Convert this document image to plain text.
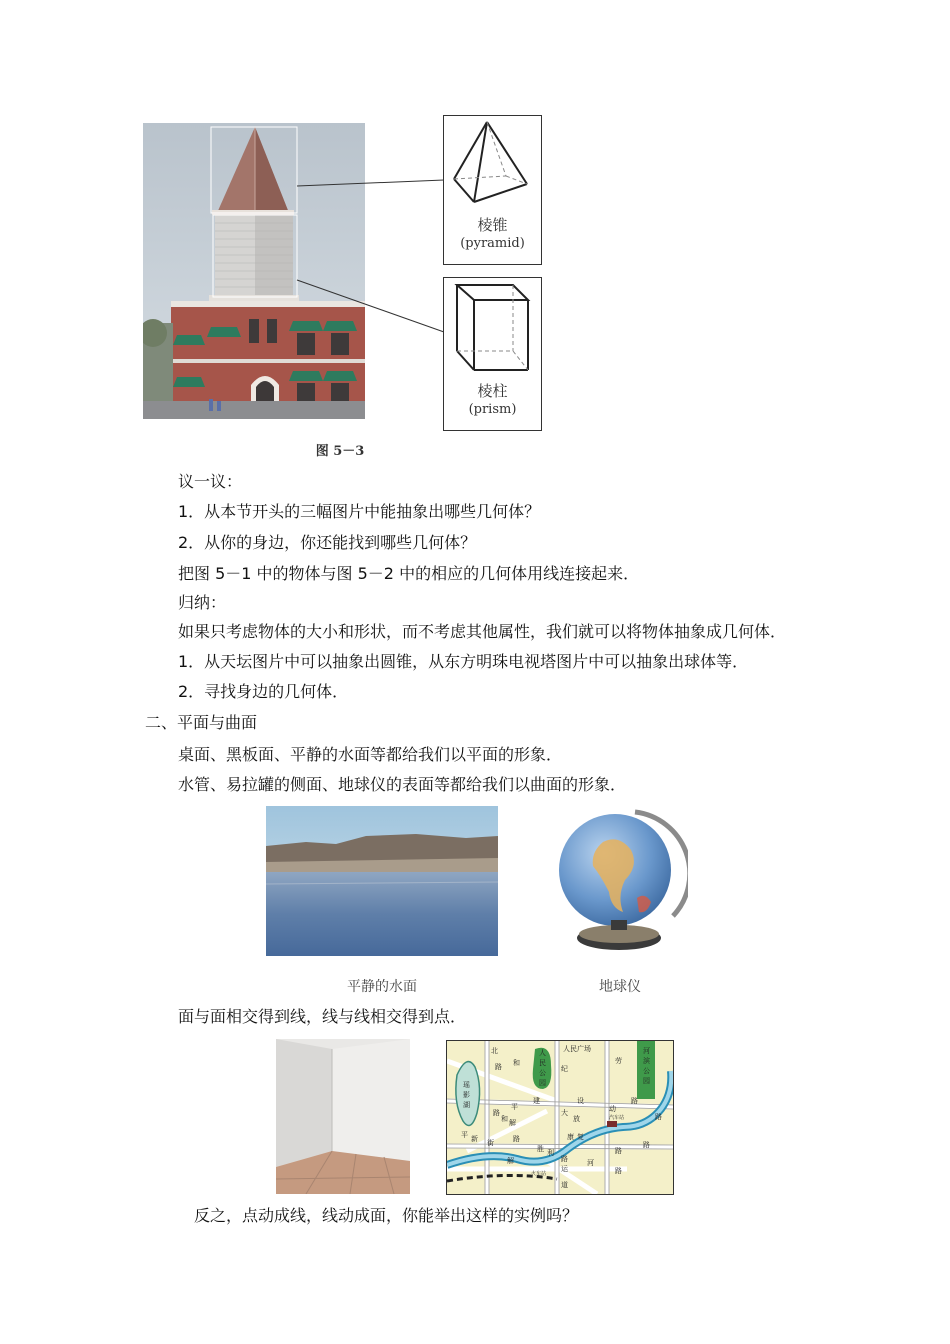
棱锥
(pyramid)
棱柱
(prism)
图 5－3
议一议：
1．从本节开头的三幅图片中能抽象出哪些几何体？
2．从你的身边，你还能找到哪些几何体？
把图 5－1 中的物体与图 5－2 中的相应的几何体用线连接起来．
归纳：
如果只考虑物体的大小和形状，而不考虑其他属性，我们就可以将物体抽象成几何体．
1．从天坛图片中可以抽象出圆锥，从东方明珠电视塔图片中可以抽象出球体等．
2．寻找身边的几何体．
二、平面与曲面
桌面、黑板面、平静的水面等都给我们以平面的形象．
水管、易拉罐的侧面、地球仪的表面等都给我们以曲面的形象．
平静的水面	地球仪
面与面相交得到线，线与线相交得到点．
北
和
路
人
民
公
园
人民广场
纪
劳
河
滨
公
园
瑶
影
湖	平
路
和 解
建	设	路
大
放
动
汽车站	路
康 复
路
平 新 街	路
解	路
运
河
路
火车站
道
路
胜 利
反之，点动成线，线动成面，你能举出这样的实例吗？
